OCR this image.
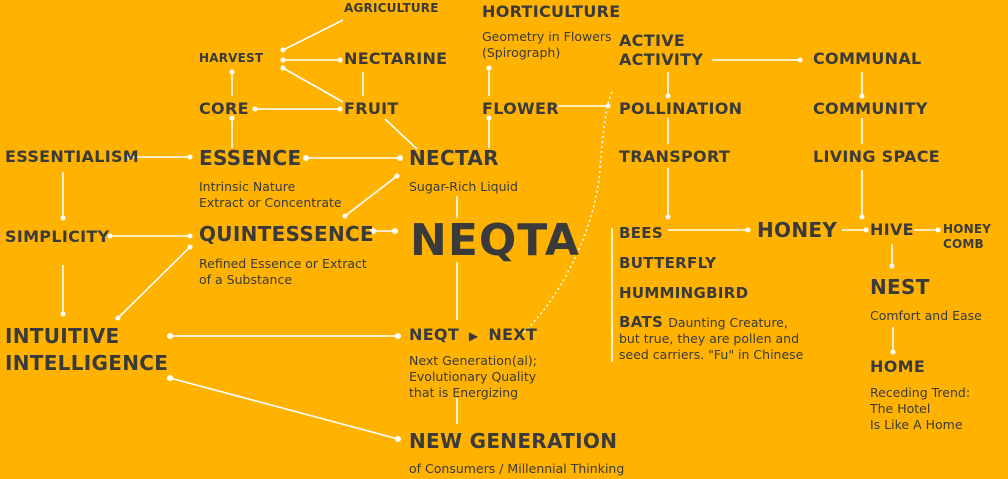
ESSENTIALISM
SIMPLICITY
INTUITIVE
INTELLIGENCE
HARVEST
CORE
ESSENCE
Intrinsic Nature
Extract or Concentrate
QUINTESSENCE
Refined Essence or Extract
of a Substance
AGRICULTURE
NECTARINE
FRUIT
NECTAR
Sugar-Rich Liquid
NEQTA
NEQT ▶ NEXT
Next Generation(al);
Evolutionary Quality
that is Energizing
NEW GENERATION
of Consumers / Millennial Thinking
HORTICULTURE
Geometry in Flowers
(Spirograph)
FLOWER
ACTIVE
ACTIVITY
POLLINATION
TRANSPORT
BEES
BUTTERFLY
HUMMINGBIRD
BATS Daunting Creature,
but true, they are pollen and
seed carriers. "Fu" in Chinese
HONEY
COMMUNAL
COMMUNITY
LIVING SPACE
HIVE HONEY
COMB
NEST
Comfort and Ease
HOME
Receding Trend:
The Hotel
Is Like A Home
